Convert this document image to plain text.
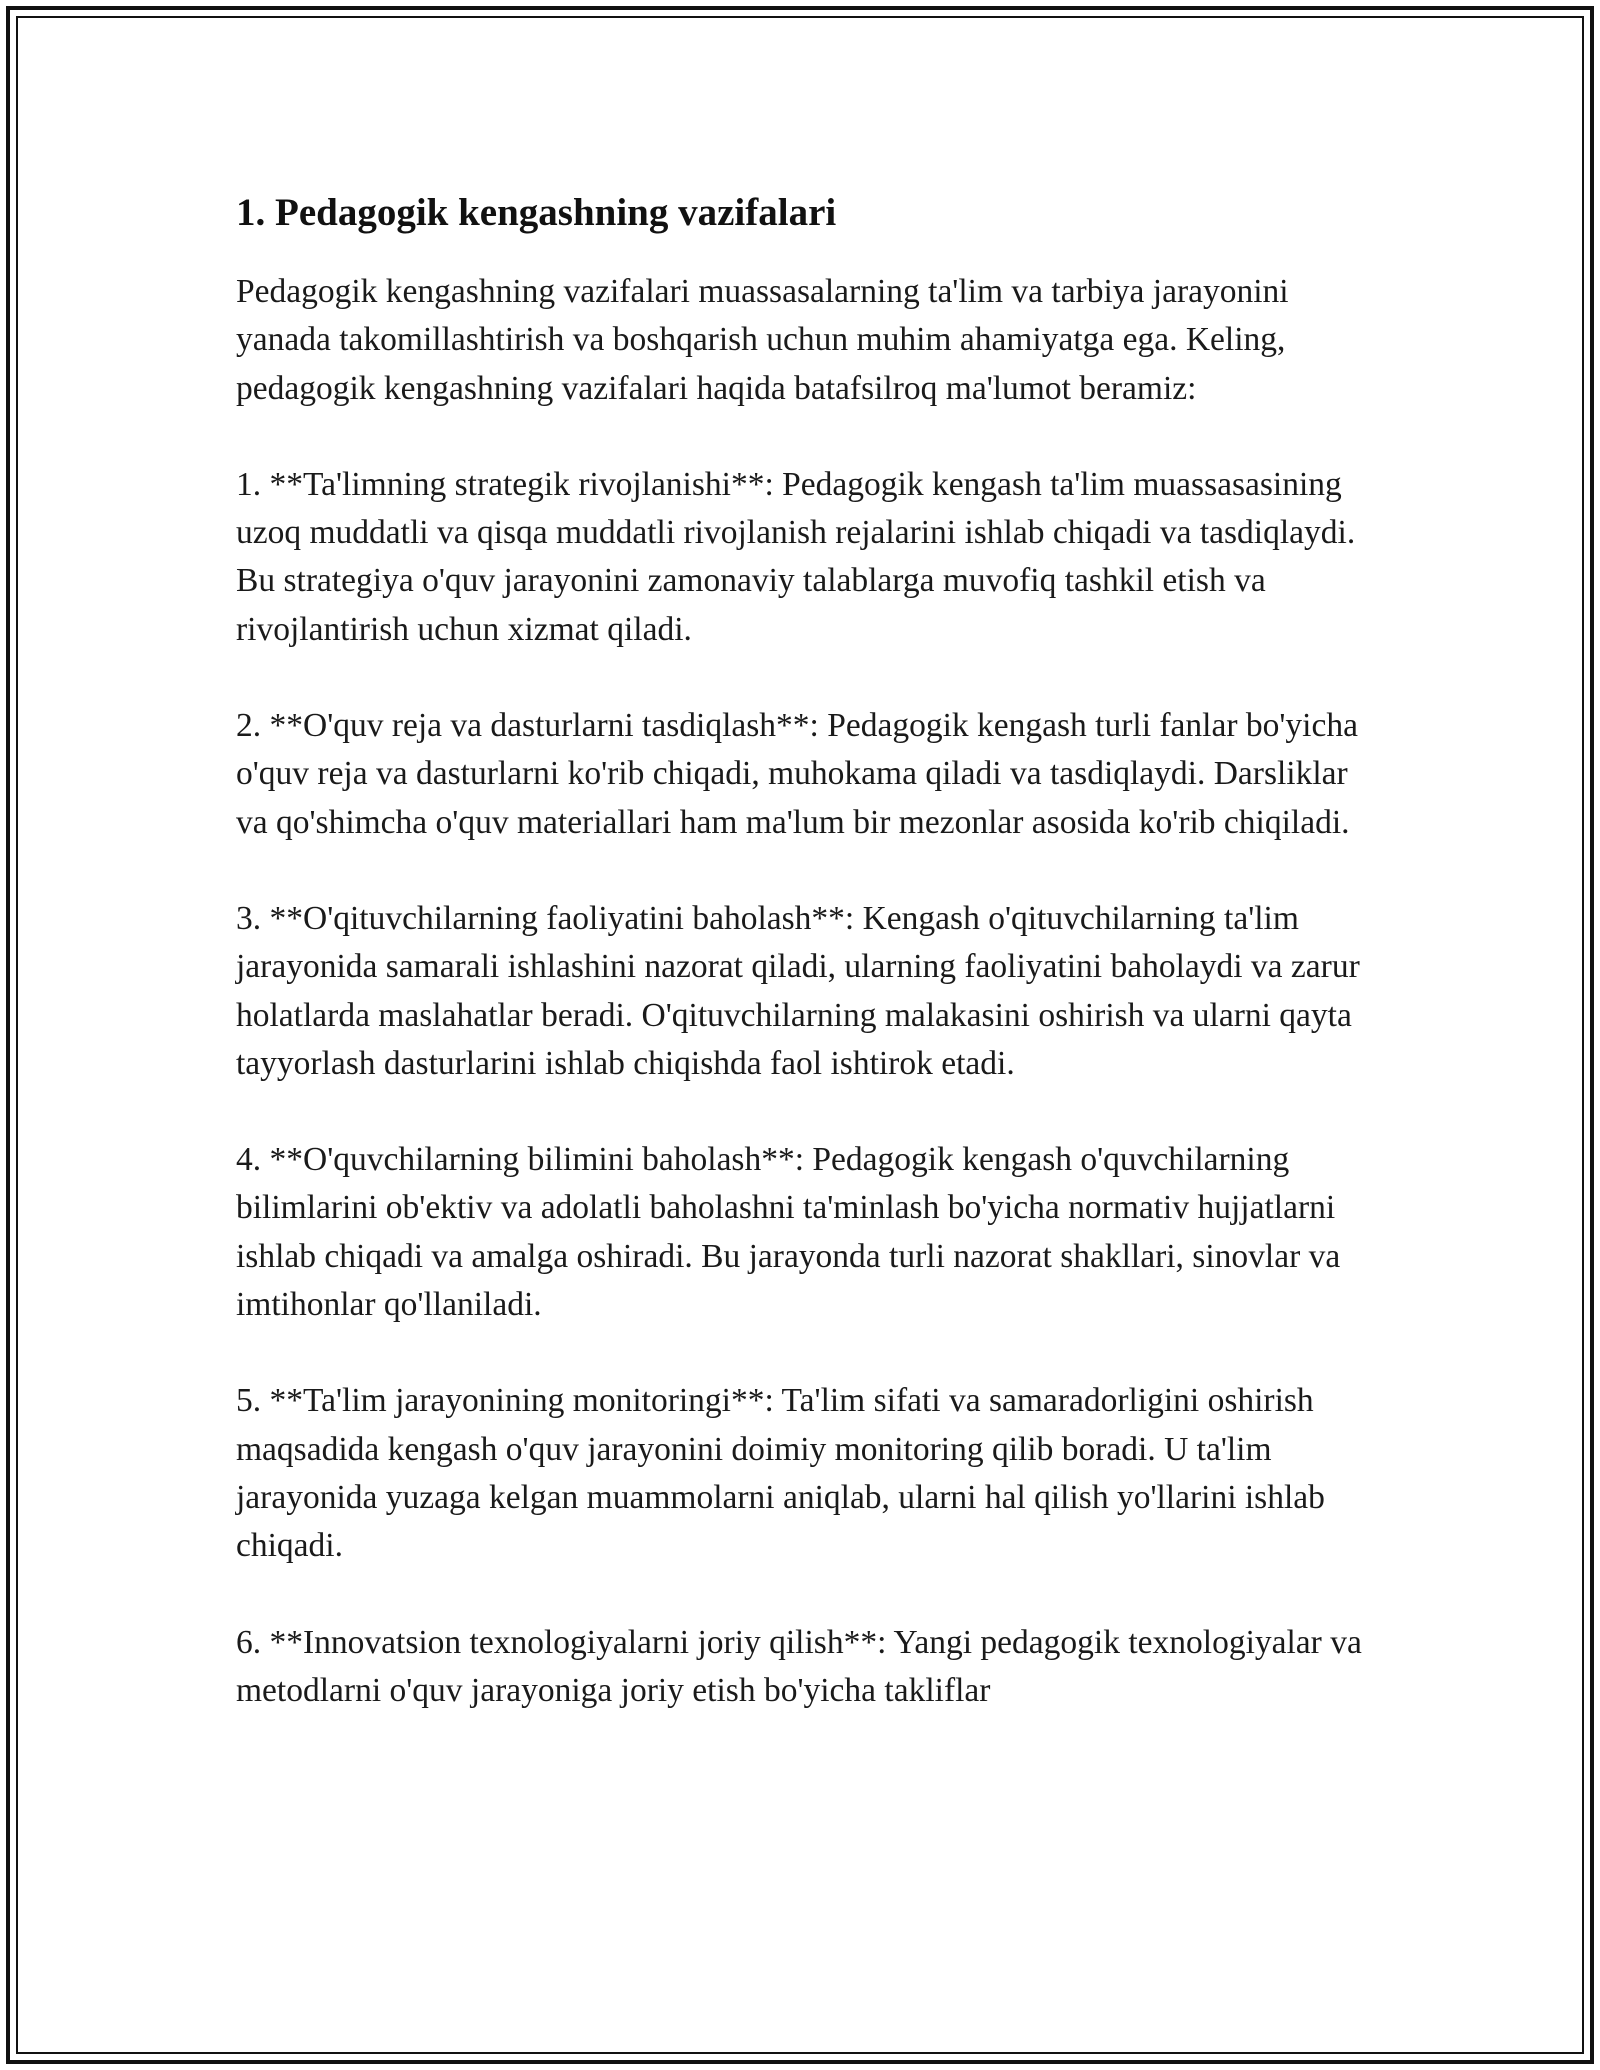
1. Pedagogik kengashning vazifalari

Pedagogik kengashning vazifalari muassasalarning ta'lim va tarbiya jarayonini yanada takomillashtirish va boshqarish uchun muhim ahamiyatga ega. Keling, pedagogik kengashning vazifalari haqida batafsilroq ma'lumot beramiz:

1. **Ta'limning strategik rivojlanishi**: Pedagogik kengash ta'lim muassasasining uzoq muddatli va qisqa muddatli rivojlanish rejalarini ishlab chiqadi va tasdiqlaydi. Bu strategiya o'quv jarayonini zamonaviy talablarga muvofiq tashkil etish va rivojlantirish uchun xizmat qiladi.

2. **O'quv reja va dasturlarni tasdiqlash**: Pedagogik kengash turli fanlar bo'yicha o'quv reja va dasturlarni ko'rib chiqadi, muhokama qiladi va tasdiqlaydi. Darsliklar va qo'shimcha o'quv materiallari ham ma'lum bir mezonlar asosida ko'rib chiqiladi.

3. **O'qituvchilarning faoliyatini baholash**: Kengash o'qituvchilarning ta'lim jarayonida samarali ishlashini nazorat qiladi, ularning faoliyatini baholaydi va zarur holatlarda maslahatlar beradi. O'qituvchilarning malakasini oshirish va ularni qayta tayyorlash dasturlarini ishlab chiqishda faol ishtirok etadi.

4. **O'quvchilarning bilimini baholash**: Pedagogik kengash o'quvchilarning bilimlarini ob'ektiv va adolatli baholashni ta'minlash bo'yicha normativ hujjatlarni ishlab chiqadi va amalga oshiradi. Bu jarayonda turli nazorat shakllari, sinovlar va imtihonlar qo'llaniladi.

5. **Ta'lim jarayonining monitoringi**: Ta'lim sifati va samaradorligini oshirish maqsadida kengash o'quv jarayonini doimiy monitoring qilib boradi. U ta'lim jarayonida yuzaga kelgan muammolarni aniqlab, ularni hal qilish yo'llarini ishlab chiqadi.

6. **Innovatsion texnologiyalarni joriy qilish**: Yangi pedagogik texnologiyalar va metodlarni o'quv jarayoniga joriy etish bo'yicha takliflar
